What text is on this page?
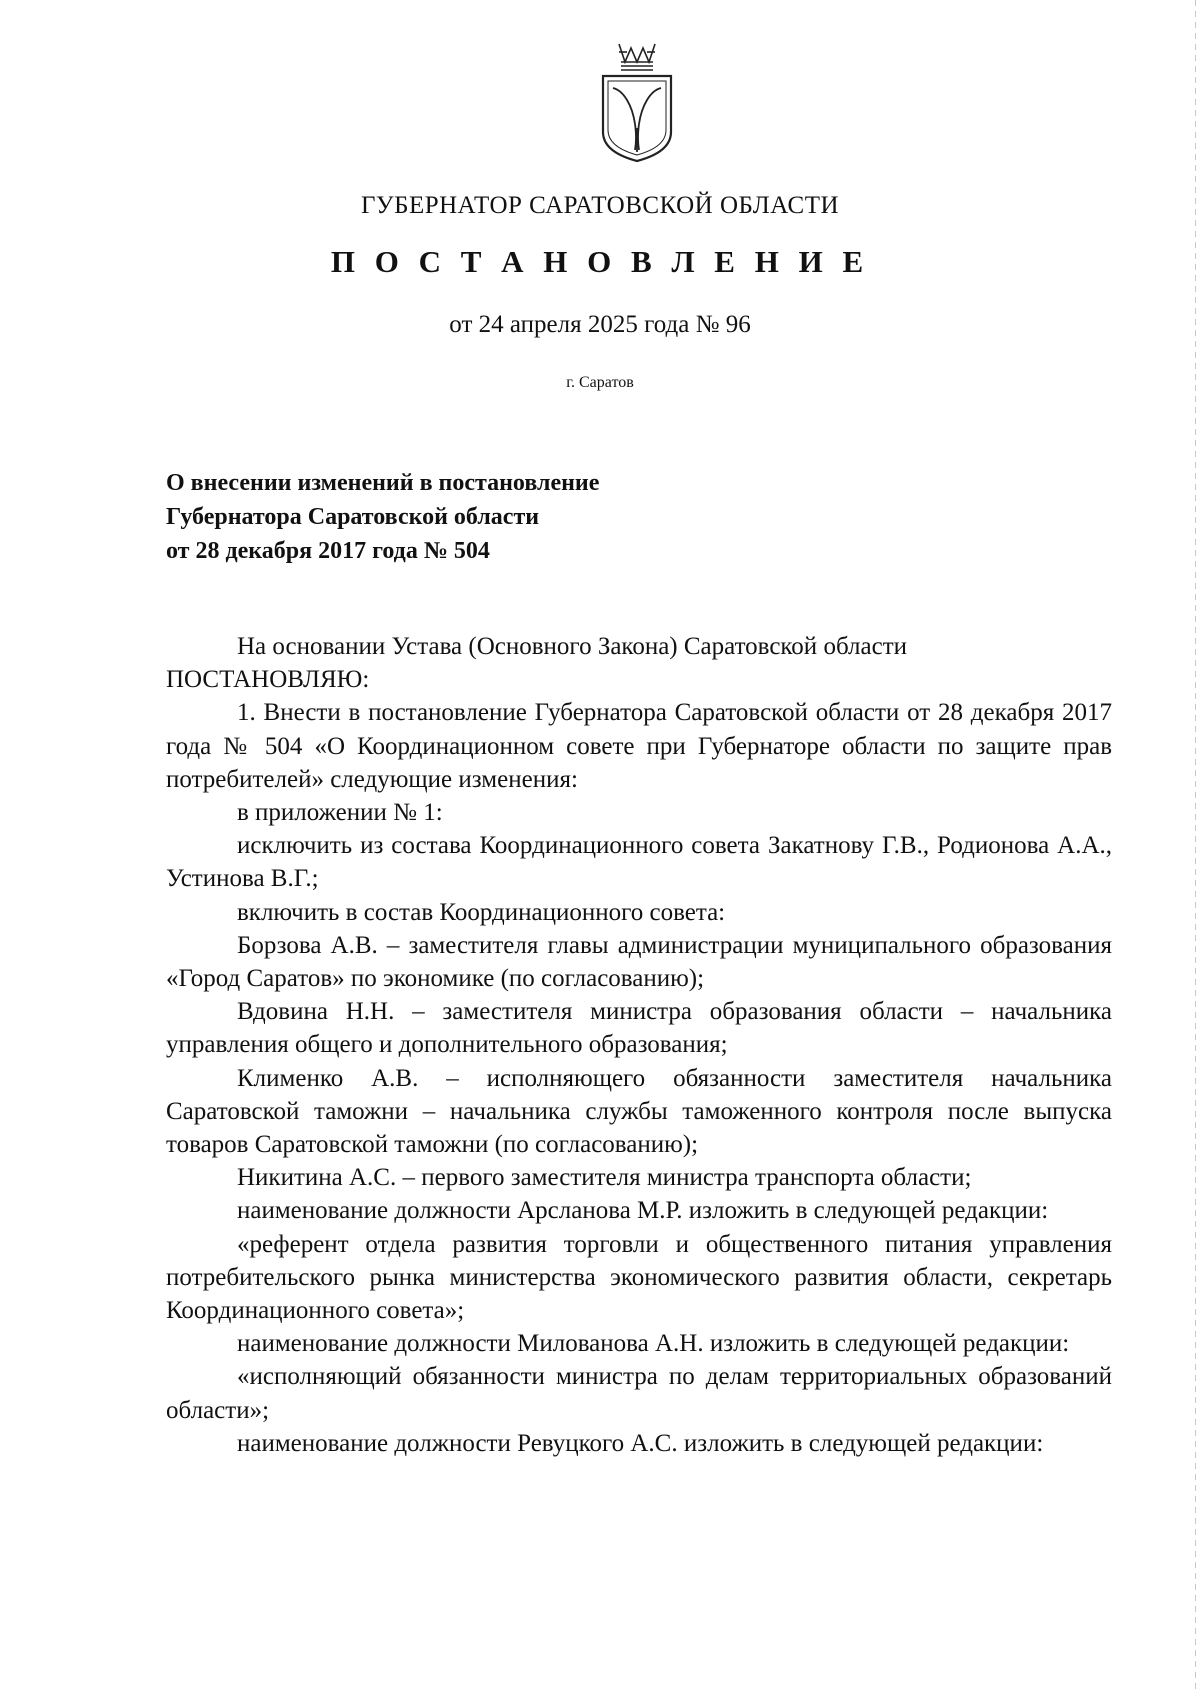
ГУБЕРНАТОР САРАТОВСКОЙ ОБЛАСТИ
П О С Т А Н О В Л Е Н И Е
от 24 апреля 2025 года № 96
г. Саратов
О внесении изменений в постановление
Губернатора Саратовской области
от 28 декабря 2017 года № 504

На основании Устава (Основного Закона) Саратовской области

ПОСТАНОВЛЯЮ:

1. Внести в постановление Губернатора Саратовской области от 28 декабря 2017 года № 504 «О Координационном совете при Губернаторе области по защите прав потребителей» следующие изменения:

в приложении № 1:

исключить из состава Координационного совета Закатнову Г.В., Родионова А.А., Устинова В.Г.;

включить в состав Координационного совета:

Борзова А.В. – заместителя главы администрации муниципального образования «Город Саратов» по экономике (по согласованию);

Вдовина Н.Н. – заместителя министра образования области – начальника управления общего и дополнительного образования;

Клименко А.В. – исполняющего обязанности заместителя начальника Саратовской таможни – начальника службы таможенного контроля после выпуска товаров Саратовской таможни (по согласованию);

Никитина А.С. – первого заместителя министра транспорта области;

наименование должности Арсланова М.Р. изложить в следующей редакции:

«референт отдела развития торговли и общественного питания управления потребительского рынка министерства экономического развития области, секретарь Координационного совета»;

наименование должности Милованова А.Н. изложить в следующей редакции:

«исполняющий обязанности министра по делам территориальных образований области»;

наименование должности Ревуцкого А.С. изложить в следующей редакции:
